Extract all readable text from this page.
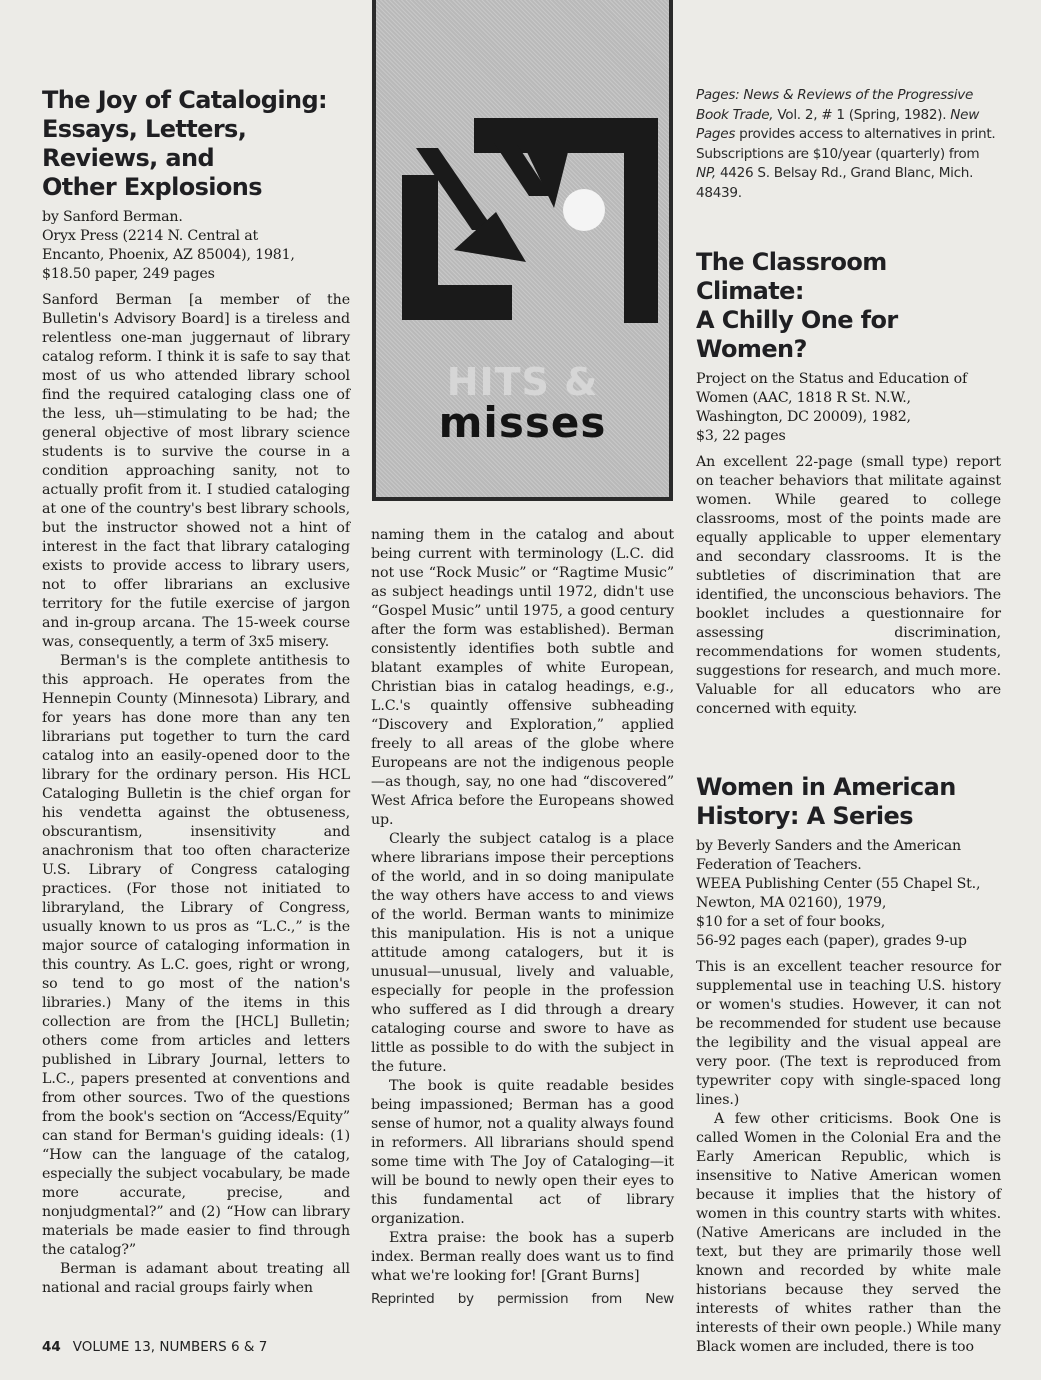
HITS &
misses
The Joy of Cataloging:
Essays, Letters,
Reviews, and
Other Explosions
by Sanford Berman.
Oryx Press (2214 N. Central at
Encanto, Phoenix, AZ 85004), 1981,
$18.50 paper, 249 pages

Sanford Berman [a member of the Bulletin's Advisory Board] is a tireless and relentless one-man juggernaut of library catalog reform. I think it is safe to say that most of us who attended library school find the required cataloging class one of the less, uh—stimulating to be had; the general objective of most library science students is to survive the course in a condition approaching sanity, not to actually profit from it. I studied cataloging at one of the country's best library schools, but the instructor showed not a hint of interest in the fact that library cataloging exists to provide access to library users, not to offer librarians an exclusive territory for the futile exercise of jargon and in-group arcana. The 15-week course was, consequently, a term of 3x5 misery.

Berman's is the complete antithesis to this approach. He operates from the Hennepin County (Minnesota) Library, and for years has done more than any ten librarians put together to turn the card catalog into an easily-opened door to the library for the ordinary person. His HCL Cataloging Bulletin is the chief organ for his vendetta against the obtuseness, obscurantism, insensitivity and anachronism that too often characterize U.S. Library of Congress cataloging practices. (For those not initiated to libraryland, the Library of Congress, usually known to us pros as “L.C.,” is the major source of cataloging information in this country. As L.C. goes, right or wrong, so tend to go most of the nation's libraries.) Many of the items in this collection are from the [HCL] Bulletin; others come from articles and letters published in Library Journal, letters to L.C., papers presented at conventions and from other sources. Two of the questions from the book's section on “Access/Equity” can stand for Berman's guiding ideals: (1) “How can the language of the catalog, especially the subject vocabulary, be made more accurate, precise, and nonjudgmental?” and (2) “How can library materials be made easier to find through the catalog?”

Berman is adamant about treating all national and racial groups fairly when

naming them in the catalog and about being current with terminology (L.C. did not use “Rock Music” or “Ragtime Music” as subject headings until 1972, didn't use “Gospel Music” until 1975, a good century after the form was established). Berman consistently identifies both subtle and blatant examples of white European, Christian bias in catalog headings, e.g., L.C.'s quaintly offensive subheading “Discovery and Exploration,” applied freely to all areas of the globe where Europeans are not the indigenous people—as though, say, no one had “discovered” West Africa before the Europeans showed up.

Clearly the subject catalog is a place where librarians impose their perceptions of the world, and in so doing manipulate the way others have access to and views of the world. Berman wants to minimize this manipulation. His is not a unique attitude among catalogers, but it is unusual—unusual, lively and valuable, especially for people in the profession who suffered as I did through a dreary cataloging course and swore to have as little as possible to do with the subject in the future.

The book is quite readable besides being impassioned; Berman has a good sense of humor, not a quality always found in reformers. All librarians should spend some time with The Joy of Cataloging—it will be bound to newly open their eyes to this fundamental act of library organization.

Extra praise: the book has a superb index. Berman really does want us to find what we're looking for! [Grant Burns]

Reprinted by permission from New
Pages: News & Reviews of the Progressive Book Trade, Vol. 2, # 1 (Spring, 1982). New Pages provides access to alternatives in print. Subscriptions are $10/year (quarterly) from NP, 4426 S. Belsay Rd., Grand Blanc, Mich. 48439.
The Classroom Climate:
A Chilly One for Women?
Project on the Status and Education of
Women (AAC, 1818 R St. N.W.,
Washington, DC 20009), 1982,
$3, 22 pages

An excellent 22-page (small type) report on teacher behaviors that militate against women. While geared to college classrooms, most of the points made are equally applicable to upper elementary and secondary classrooms. It is the subtleties of discrimination that are identified, the unconscious behaviors. The booklet includes a questionnaire for assessing discrimination, recommendations for women students, suggestions for research, and much more. Valuable for all educators who are concerned with equity.

Women in American
History: A Series
by Beverly Sanders and the American
Federation of Teachers.
WEEA Publishing Center (55 Chapel St.,
Newton, MA 02160), 1979,
$10 for a set of four books,
56-92 pages each (paper), grades 9-up

This is an excellent teacher resource for supplemental use in teaching U.S. history or women's studies. However, it can not be recommended for student use because the legibility and the visual appeal are very poor. (The text is reproduced from typewriter copy with single-spaced long lines.)

A few other criticisms. Book One is called Women in the Colonial Era and the Early American Republic, which is insensitive to Native American women because it implies that the history of women in this country starts with whites. (Native Americans are included in the text, but they are primarily those well known and recorded by white male historians because they served the interests of whites rather than the interests of their own people.) While many Black women are included, there is too

44 VOLUME 13, NUMBERS 6 & 7
